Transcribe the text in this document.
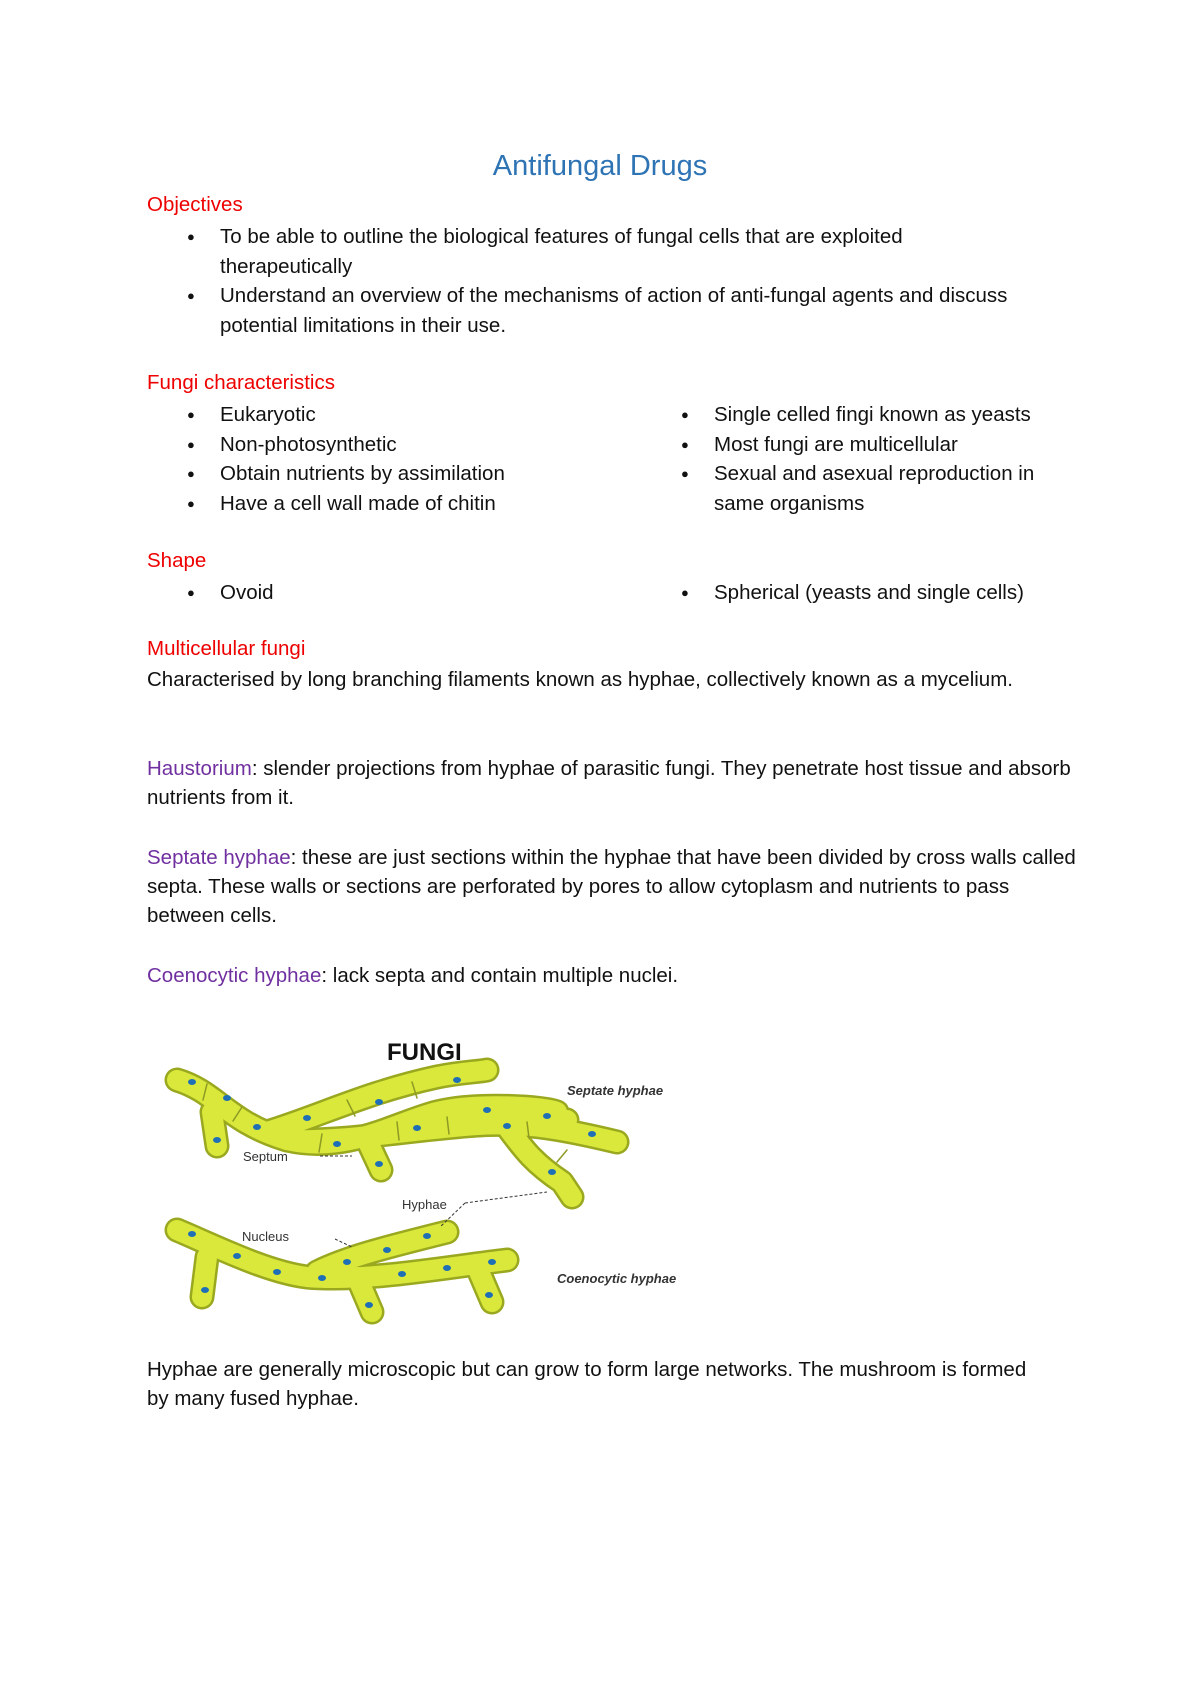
Antifungal Drugs
Objectives
● To be able to outline the biological features of fungal cells that are exploited therapeutically
● Understand an overview of the mechanisms of action of anti-fungal agents and discuss potential limitations in their use.
Fungi characteristics
● Eukaryotic
● Non-photosynthetic
● Obtain nutrients by assimilation
● Have a cell wall made of chitin
● Single celled fingi known as yeasts
● Most fungi are multicellular
● Sexual and asexual reproduction in same organisms
Shape
● Ovoid
●	Spherical (yeasts and single cells)
Multicellular fungi
Characterised by long branching filaments known as hyphae, collectively known as a mycelium.
Haustorium: slender projections from hyphae of parasitic fungi. They penetrate host tissue and absorb nutrients from it.
Septate hyphae: these are just sections within the hyphae that have been divided by cross walls called septa. These walls or sections are perforated by pores to allow cytoplasm and nutrients to pass between cells.
Coenocytic hyphae: lack septa and contain multiple nuclei.
FUNGI
Septum
Hyphae
Nucleus
Septate hyphae
Coenocytic hyphae
Hyphae are generally microscopic but can grow to form large networks. The mushroom is formed by many fused hyphae.
